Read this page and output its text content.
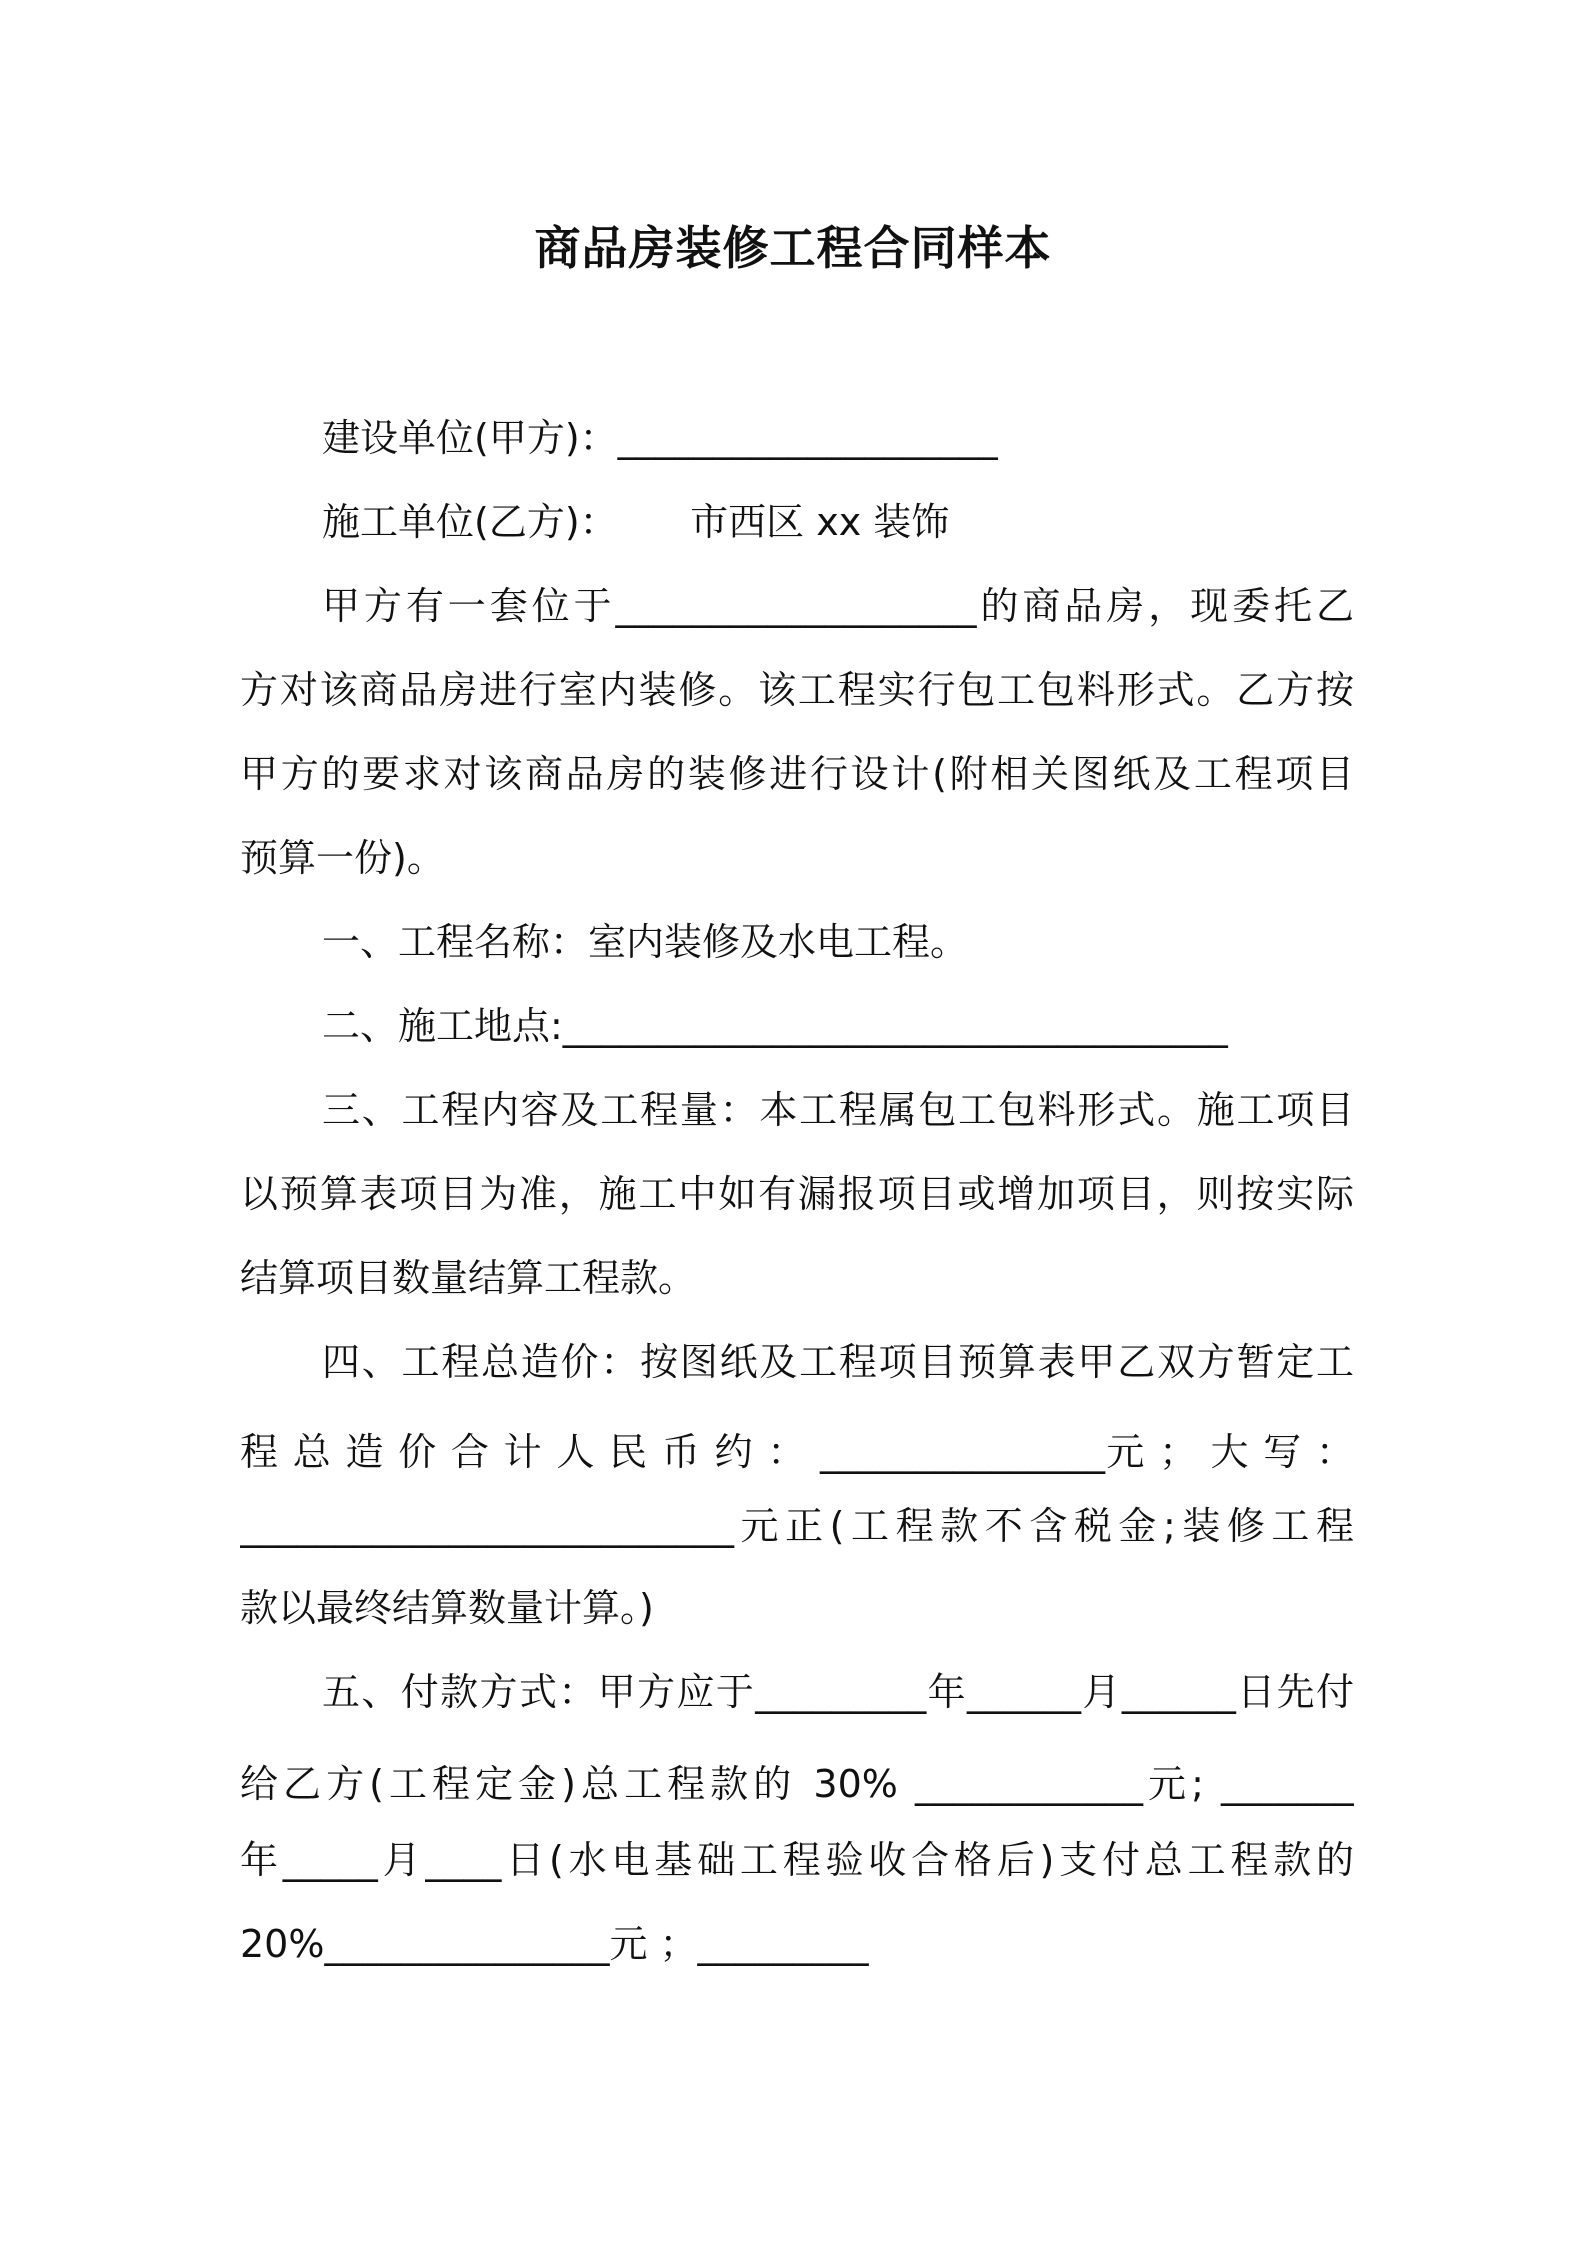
商品房装修工程合同样本
建设单位(甲方)：____________________
施工单位(乙方)：      市西区 xx 装饰
甲方有一套位于___________________的商品房，现委托乙
方对该商品房进行室内装修。该工程实行包工包料形式。乙方按
甲方的要求对该商品房的装修进行设计(附相关图纸及工程项目
预算一份)。
一、工程名称：室内装修及水电工程。
二、施工地点:___________________________________
三、工程内容及工程量：本工程属包工包料形式。施工项目
以预算表项目为准，施工中如有漏报项目或增加项目，则按实际
结算项目数量结算工程款。
四、工程总造价：按图纸及工程项目预算表甲乙双方暂定工
程 总 造 价 合 计 人 民 币 约 ： _______________元 ； 大 写 ：
__________________________元正(工程款不含税金;装修工程
款以最终结算数量计算。)
五、付款方式：甲方应于_________年______月______日先付
给乙方(工程定金)总工程款的 30% ____________元; _______
年_____月____日(水电基础工程验收合格后)支付总工程款的
20%_______________元 ；_________
